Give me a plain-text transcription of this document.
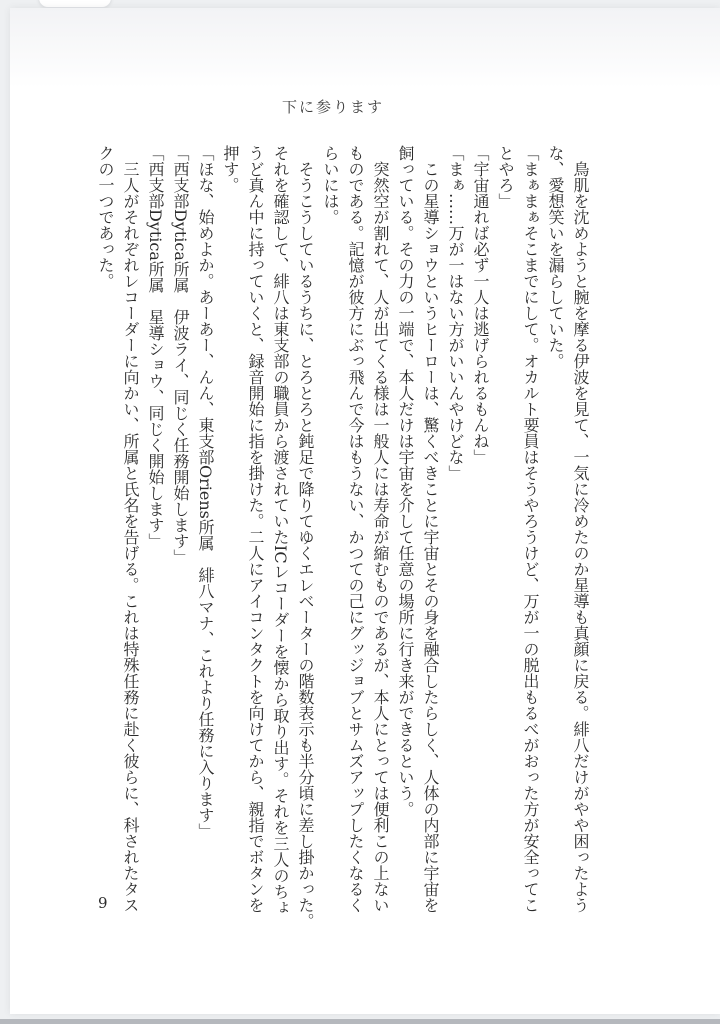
下に参ります
　鳥肌を沈めようと腕を摩る伊波を見て、一気に冷めたのか星導も真顔に戻る。緋八だけがやや困ったよう
な、愛想笑いを漏らしていた。
「まぁまぁそこまでにして。オカルト要員はそうやろうけど、万が一の脱出もるべがおった方が安全ってこ
とやろ」
「宇宙通れば必ず一人は逃げられるもんね」
「まぁ……万が一はない方がいいんやけどな」
　この星導ショウというヒーローは、驚くべきことに宇宙とその身を融合したらしく、人体の内部に宇宙を
飼っている。その力の一端で、本人だけは宇宙を介して任意の場所に行き来ができるという。
　突然空が割れて、人が出てくる様は一般人には寿命が縮むものであるが、本人にとっては便利この上ない
ものである。記憶が彼方にぶっ飛んで今はもうない、かつての己にグッジョブとサムズアップしたくなるく
らいには。
　そうこうしているうちに、とろとろと鈍足で降りてゆくエレベーターの階数表示も半分頃に差し掛かった。
それを確認して、緋八は東支部の職員から渡されていたICレコーダーを懐から取り出す。それを三人のちょ
うど真ん中に持っていくと、録音開始に指を掛けた。二人にアイコンタクトを向けてから、親指でボタンを
押す。
「ほな、始めよか。あーあー、んん、東支部Oriens所属　緋八マナ、これより任務に入ります」
「西支部Dytica所属　伊波ライ、同じく任務開始します」
「西支部Dytica所属　星導ショウ、同じく開始します」
　三人がそれぞれレコーダーに向かい、所属と氏名を告げる。これは特殊任務に赴く彼らに、科されたタス
クの一つであった。
9
